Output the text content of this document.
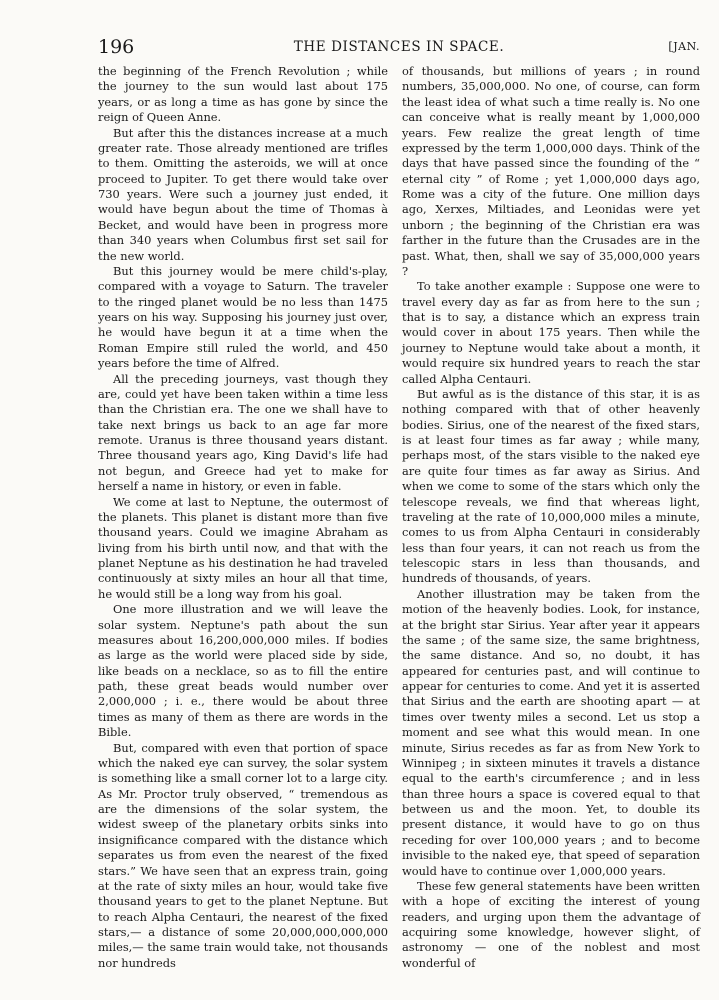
196	THE DISTANCES IN SPACE.	[JAN.

the beginning of the French Revolution ; while the journey to the sun would last about 175 years, or as long a time as has gone by since the reign of Queen Anne.

But after this the distances increase at a much greater rate. Those already mentioned are trifles to them. Omitting the asteroids, we will at once proceed to Jupiter. To get there would take over 730 years. Were such a journey just ended, it would have begun about the time of Thomas à Becket, and would have been in progress more than 340 years when Columbus first set sail for the new world.

But this journey would be mere child's-play, compared with a voyage to Saturn. The traveler to the ringed planet would be no less than 1475 years on his way. Supposing his journey just over, he would have begun it at a time when the Roman Empire still ruled the world, and 450 years before the time of Alfred.

All the preceding journeys, vast though they are, could yet have been taken within a time less than the Christian era. The one we shall have to take next brings us back to an age far more remote. Uranus is three thousand years distant. Three thousand years ago, King David's life had not begun, and Greece had yet to make for herself a name in history, or even in fable.

We come at last to Neptune, the outermost of the planets. This planet is distant more than five thousand years. Could we imagine Abraham as living from his birth until now, and that with the planet Neptune as his destination he had traveled continuously at sixty miles an hour all that time, he would still be a long way from his goal.

One more illustration and we will leave the solar system. Neptune's path about the sun measures about 16,200,000,000 miles. If bodies as large as the world were placed side by side, like beads on a necklace, so as to fill the entire path, these great beads would number over 2,000,000 ; i. e., there would be about three times as many of them as there are words in the Bible.

But, compared with even that portion of space which the naked eye can survey, the solar system is something like a small corner lot to a large city. As Mr. Proctor truly observed, “ tremendous as are the dimensions of the solar system, the widest sweep of the planetary orbits sinks into insignificance compared with the distance which separates us from even the nearest of the fixed stars.” We have seen that an express train, going at the rate of sixty miles an hour, would take five thousand years to get to the planet Neptune. But to reach Alpha Centauri, the nearest of the fixed stars,— a distance of some 20,000,000,000,000 miles,— the same train would take, not thousands nor hundreds

of thousands, but millions of years ; in round numbers, 35,000,000. No one, of course, can form the least idea of what such a time really is. No one can conceive what is really meant by 1,000,000 years. Few realize the great length of time expressed by the term 1,000,000 days. Think of the days that have passed since the founding of the “ eternal city ” of Rome ; yet 1,000,000 days ago, Rome was a city of the future. One million days ago, Xerxes, Miltiades, and Leonidas were yet unborn ; the beginning of the Christian era was farther in the future than the Crusades are in the past. What, then, shall we say of 35,000,000 years ?

To take another example : Suppose one were to travel every day as far as from here to the sun ; that is to say, a distance which an express train would cover in about 175 years. Then while the journey to Neptune would take about a month, it would require six hundred years to reach the star called Alpha Centauri.

But awful as is the distance of this star, it is as nothing compared with that of other heavenly bodies. Sirius, one of the nearest of the fixed stars, is at least four times as far away ; while many, perhaps most, of the stars visible to the naked eye are quite four times as far away as Sirius. And when we come to some of the stars which only the telescope reveals, we find that whereas light, traveling at the rate of 10,000,000 miles a minute, comes to us from Alpha Centauri in considerably less than four years, it can not reach us from the telescopic stars in less than thousands, and hundreds of thousands, of years.

Another illustration may be taken from the motion of the heavenly bodies. Look, for instance, at the bright star Sirius. Year after year it appears the same ; of the same size, the same brightness, the same distance. And so, no doubt, it has appeared for centuries past, and will continue to appear for centuries to come. And yet it is asserted that Sirius and the earth are shooting apart — at times over twenty miles a second. Let us stop a moment and see what this would mean. In one minute, Sirius recedes as far as from New York to Winnipeg ; in sixteen minutes it travels a distance equal to the earth's circumference ; and in less than three hours a space is covered equal to that between us and the moon. Yet, to double its present distance, it would have to go on thus receding for over 100,000 years ; and to become invisible to the naked eye, that speed of separation would have to continue over 1,000,000 years.

These few general statements have been written with a hope of exciting the interest of young readers, and urging upon them the advantage of acquiring some knowledge, however slight, of astronomy — one of the noblest and most wonderful of
